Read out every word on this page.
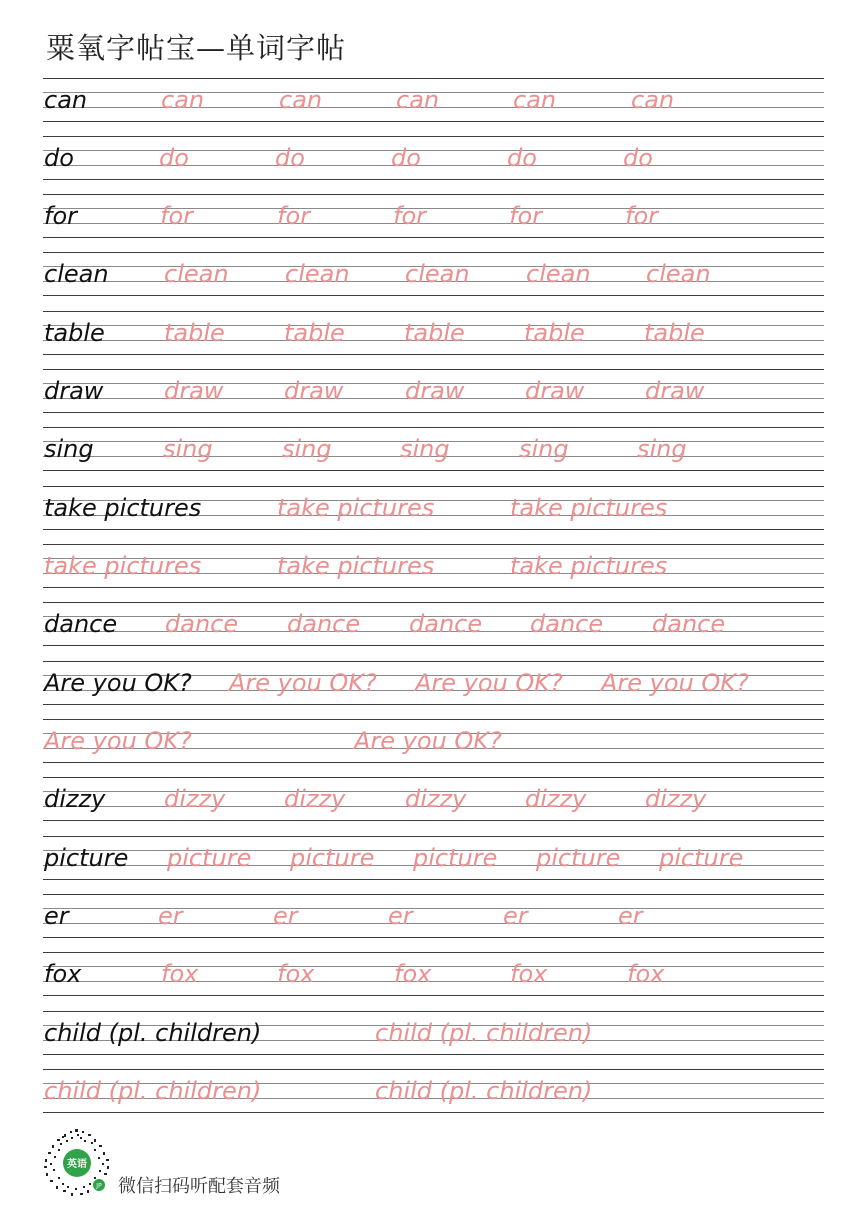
粟氧字帖宝—单词字帖
can	can	can	can	can	can
do	do	do	do	do	do
for	for	for	for	for	for
clean clean clean clean clean clean
table table table table table table
draw	draw	draw	draw	draw	draw
sing	sing	sing	sing	sing	sing
take pictures	take pictures	take pictures
take pictures	take pictures	take pictures
dance dance dance dance dance dance
Are you OK? Are you OK? Are you OK? Are you OK?
Are you OK?	Are you OK?
dizzy dizzy dizzy dizzy dizzy dizzy
picture picture picture picture picture picture
er	er	er	er	er	er
fox	fox	fox	fox	fox	fox
child (pl. children)	child (pl. children)
child (pl. children)	child (pl. children)
英语
JP 微信扫码听配套音频
